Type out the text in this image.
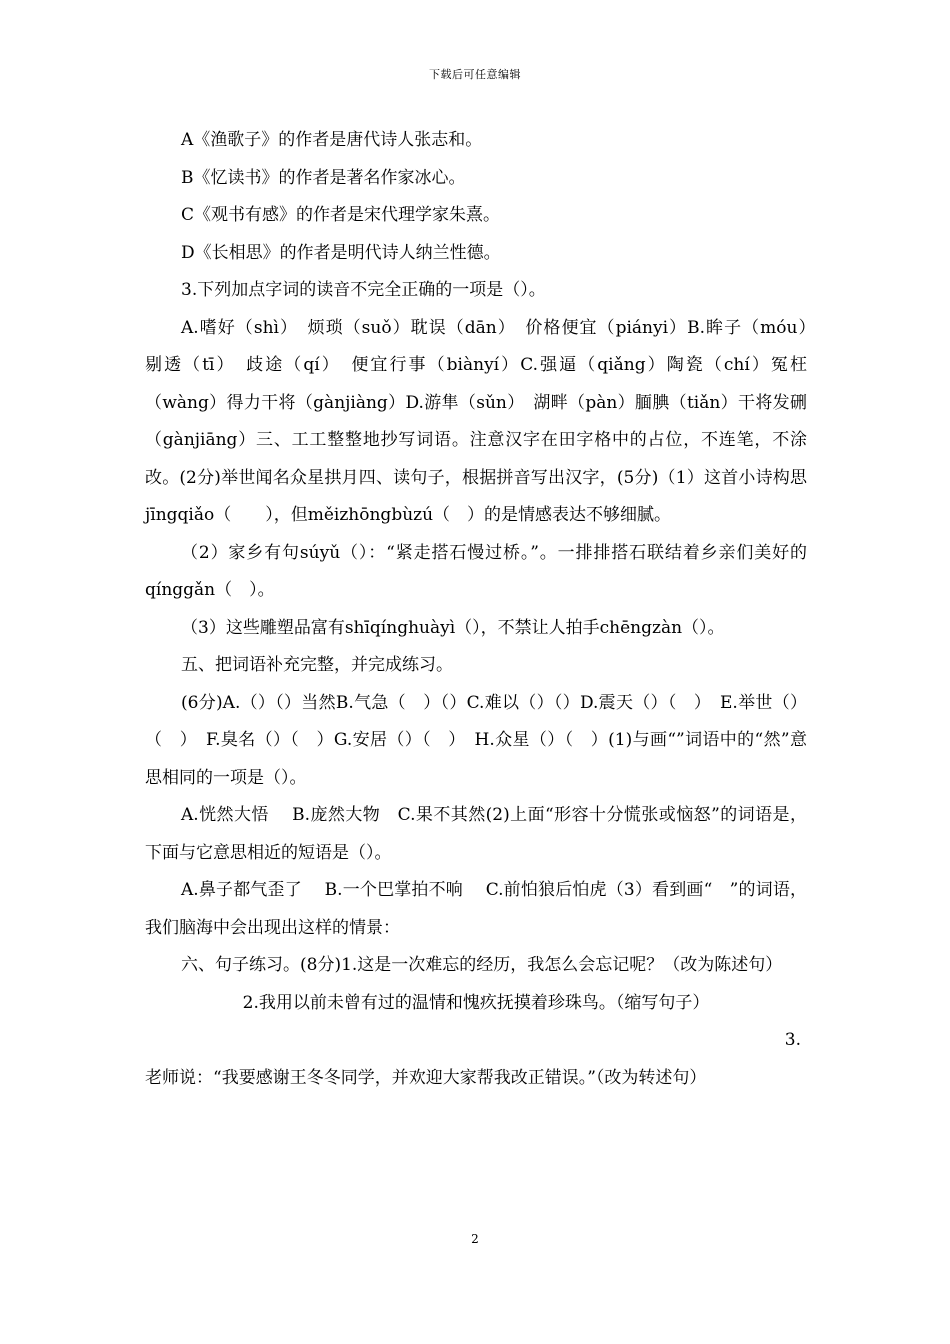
下载后可任意编辑

A《渔歌子》的作者是唐代诗人张志和。

B《忆读书》的作者是著名作家冰心。

C《观书有感》的作者是宋代理学家朱熹。

D《长相思》的作者是明代诗人纳兰性德。

3.下列加点字词的读音不完全正确的一项是（）。

A.嗜好（shì）　烦琐（suǒ）耽误（dān）　价格便宜（piányi）B.眸子（móu）　剔透（tī）　歧途（qí）　便宜行事（biànyí）C.强逼（qiǎng）陶瓷（chí）冤枉（wàng）得力干将（gànjiàng）D.游隼（sǔn）　湖畔（pàn）腼腆（tiǎn）干将发硎（gànjiāng）三、工工整整地抄写词语。注意汉字在田字格中的占位，不连笔，不涂改。(2分)举世闻名众星拱月四、读句子，根据拼音写出汉字，(5分)（1）这首小诗构思jīngqiǎo（　　），但měizhōngbùzú（　）的是情感表达不够细腻。

（2）家乡有句súyǔ（）：“紧走搭石慢过桥。”。一排排搭石联结着乡亲们美好的qínggǎn（　）。

（3）这些雕塑品富有shīqínghuàyì（），不禁让人拍手chēngzàn（）。

五、把词语补充完整，并完成练习。

(6分)A.（）（）当然B.气急（　）（）C.难以（）（）D.震天（）（　）　E.举世（）（　）　F.臭名（）（　）G.安居（）（　）　H.众星（）（　）(1)与画“”词语中的“然”意思相同的一项是（）。

A.恍然大悟　 B.庞然大物　C.果不其然(2)上面“形容十分慌张或恼怒”的词语是，下面与它意思相近的短语是（）。

A.鼻子都气歪了　 B.一个巴掌拍不响　 C.前怕狼后怕虎（3）看到画“　”的词语，我们脑海中会出现出这样的情景：

六、句子练习。(8分)1.这是一次难忘的经历，我怎么会忘记呢？（改为陈述句）

2.我用以前未曾有过的温情和愧疚抚摸着珍珠鸟。（缩写句子）

3.

老师说：“我要感谢王冬冬同学，并欢迎大家帮我改正错误。”（改为转述句）

2
